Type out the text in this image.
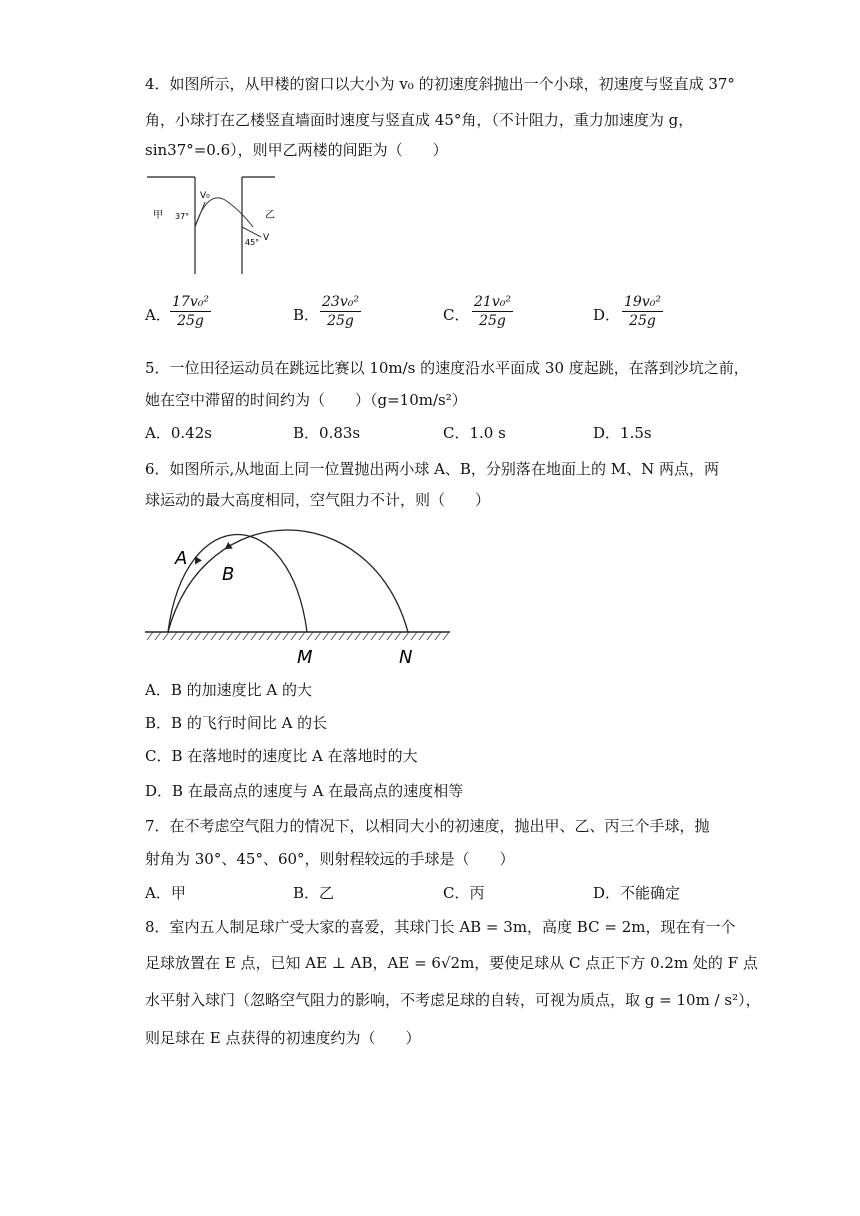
4．如图所示，从甲楼的窗口以大小为 v₀ 的初速度斜抛出一个小球，初速度与竖直成 37°
角，小球打在乙楼竖直墙面时速度与竖直成 45°角，（不计阻力，重力加速度为 g，
sin37°=0.6），则甲乙两楼的间距为（　　）
甲	乙
V₀
V
37°
45°
A． $\frac{\text{17v₀²}}{25g}$	B． $\frac{\text{23v₀²}}{25g}$	C． $\frac{\text{21v₀²}}{25g}$	D． $\frac{\text{19v₀²}}{25g}$
5．一位田径运动员在跳远比赛以 10m/s 的速度沿水平面成 30 度起跳，在落到沙坑之前，
她在空中滞留的时间约为（　　）（g=10m/s²）
A．0.42s	B．0.83s	C．1.0 s	D．1.5s
6．如图所示,从地面上同一位置抛出两小球 A、B，分别落在地面上的 M、N 两点，两
球运动的最大高度相同，空气阻力不计，则（　　）
A
B
M	N
A．B 的加速度比 A 的大
B．B 的飞行时间比 A 的长
C．B 在落地时的速度比 A 在落地时的大
D．B 在最高点的速度与 A 在最高点的速度相等
7．在不考虑空气阻力的情况下，以相同大小的初速度，抛出甲、乙、丙三个手球，抛
射角为 30°、45°、60°，则射程较远的手球是（　　）
A．甲	B．乙	C．丙	D．不能确定
8．室内五人制足球广受大家的喜爱，其球门长 AB = 3m，高度 BC = 2m，现在有一个
足球放置在 E 点，已知 AE ⊥ AB，AE = 6√2m，要使足球从 C 点正下方 0.2m 处的 F 点
水平射入球门（忽略空气阻力的影响，不考虑足球的自转，可视为质点，取 g = 10m / s²），
则足球在 E 点获得的初速度约为（　　）
